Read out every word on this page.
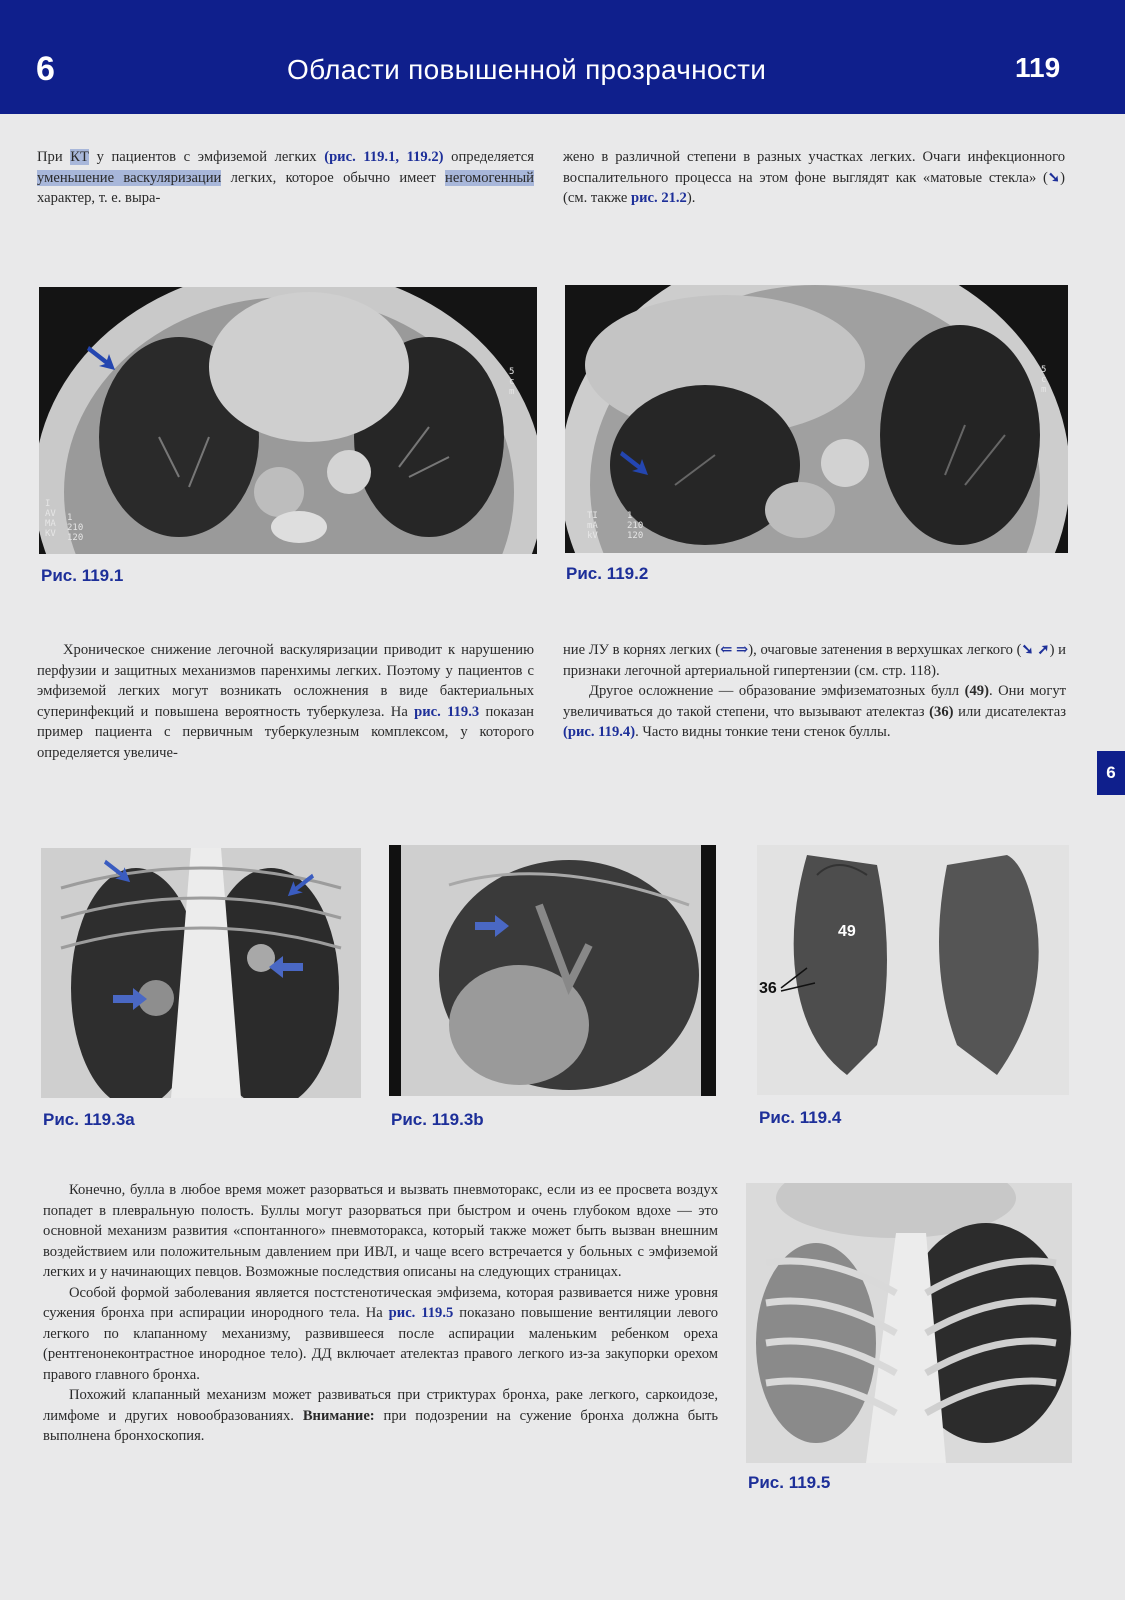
6	Области повышенной прозрачности	119
6
При КТ у пациентов с эмфиземой легких (рис. 119.1, 119.2) определяется уменьшение васкуляризации легких, которое обычно имеет негомогенный характер, т. е. выра-
жено в различной степени в разных участках легких. Очаги инфекционного воспалительного процесса на этом фоне выглядят как «матовые стекла» (➘) (см. также рис. 21.2).
I
AV
MA
KV
1
210
120
5
c
m
Рис. 119.1
TI
mA
kV
1
210
120
5
c
m
Рис. 119.2

Хроническое снижение легочной васкуляризации приводит к нарушению перфузии и защитных механизмов паренхимы легких. Поэтому у пациентов с эмфиземой легких могут возникать осложнения в виде бактериальных суперинфекций и повышена вероятность туберкулеза. На рис. 119.3 показан пример пациента с первичным туберкулезным комплексом, у которого определяется увеличе-

ние ЛУ в корнях легких (⇐ ⇒), очаговые затенения в верхушках легкого (➘ ➚) и признаки легочной артериальной гипертензии (см. стр. 118).

Другое осложнение — образование эмфизематозных булл (49). Они могут увеличиваться до такой степени, что вызывают ателектаз (36) или дисателектаз (рис. 119.4). Часто видны тонкие тени стенок буллы.

Рис. 119.3a	Рис. 119.3b
49
36
Рис. 119.4

Конечно, булла в любое время может разорваться и вызвать пневмоторакс, если из ее просвета воздух попадет в плевральную полость. Буллы могут разорваться при быстром и очень глубоком вдохе — это основной механизм развития «спонтанного» пневмоторакса, который также может быть вызван внешним воздействием или положительным давлением при ИВЛ, и чаще всего встречается у больных с эмфиземой легких и у начинающих певцов. Возможные последствия описаны на следующих страницах.

Особой формой заболевания является постстенотическая эмфизема, которая развивается ниже уровня сужения бронха при аспирации инородного тела. На рис. 119.5 показано повышение вентиляции левого легкого по клапанному механизму, развившееся после аспирации маленьким ребенком ореха (рентгенонеконтрастное инородное тело). ДД включает ателектаз правого легкого из-за закупорки орехом правого главного бронха.

Похожий клапанный механизм может развиваться при стриктурах бронха, раке легкого, саркоидозе, лимфоме и других новообразованиях. Внимание: при подозрении на сужение бронха должна быть выполнена бронхоскопия.

Рис. 119.5
